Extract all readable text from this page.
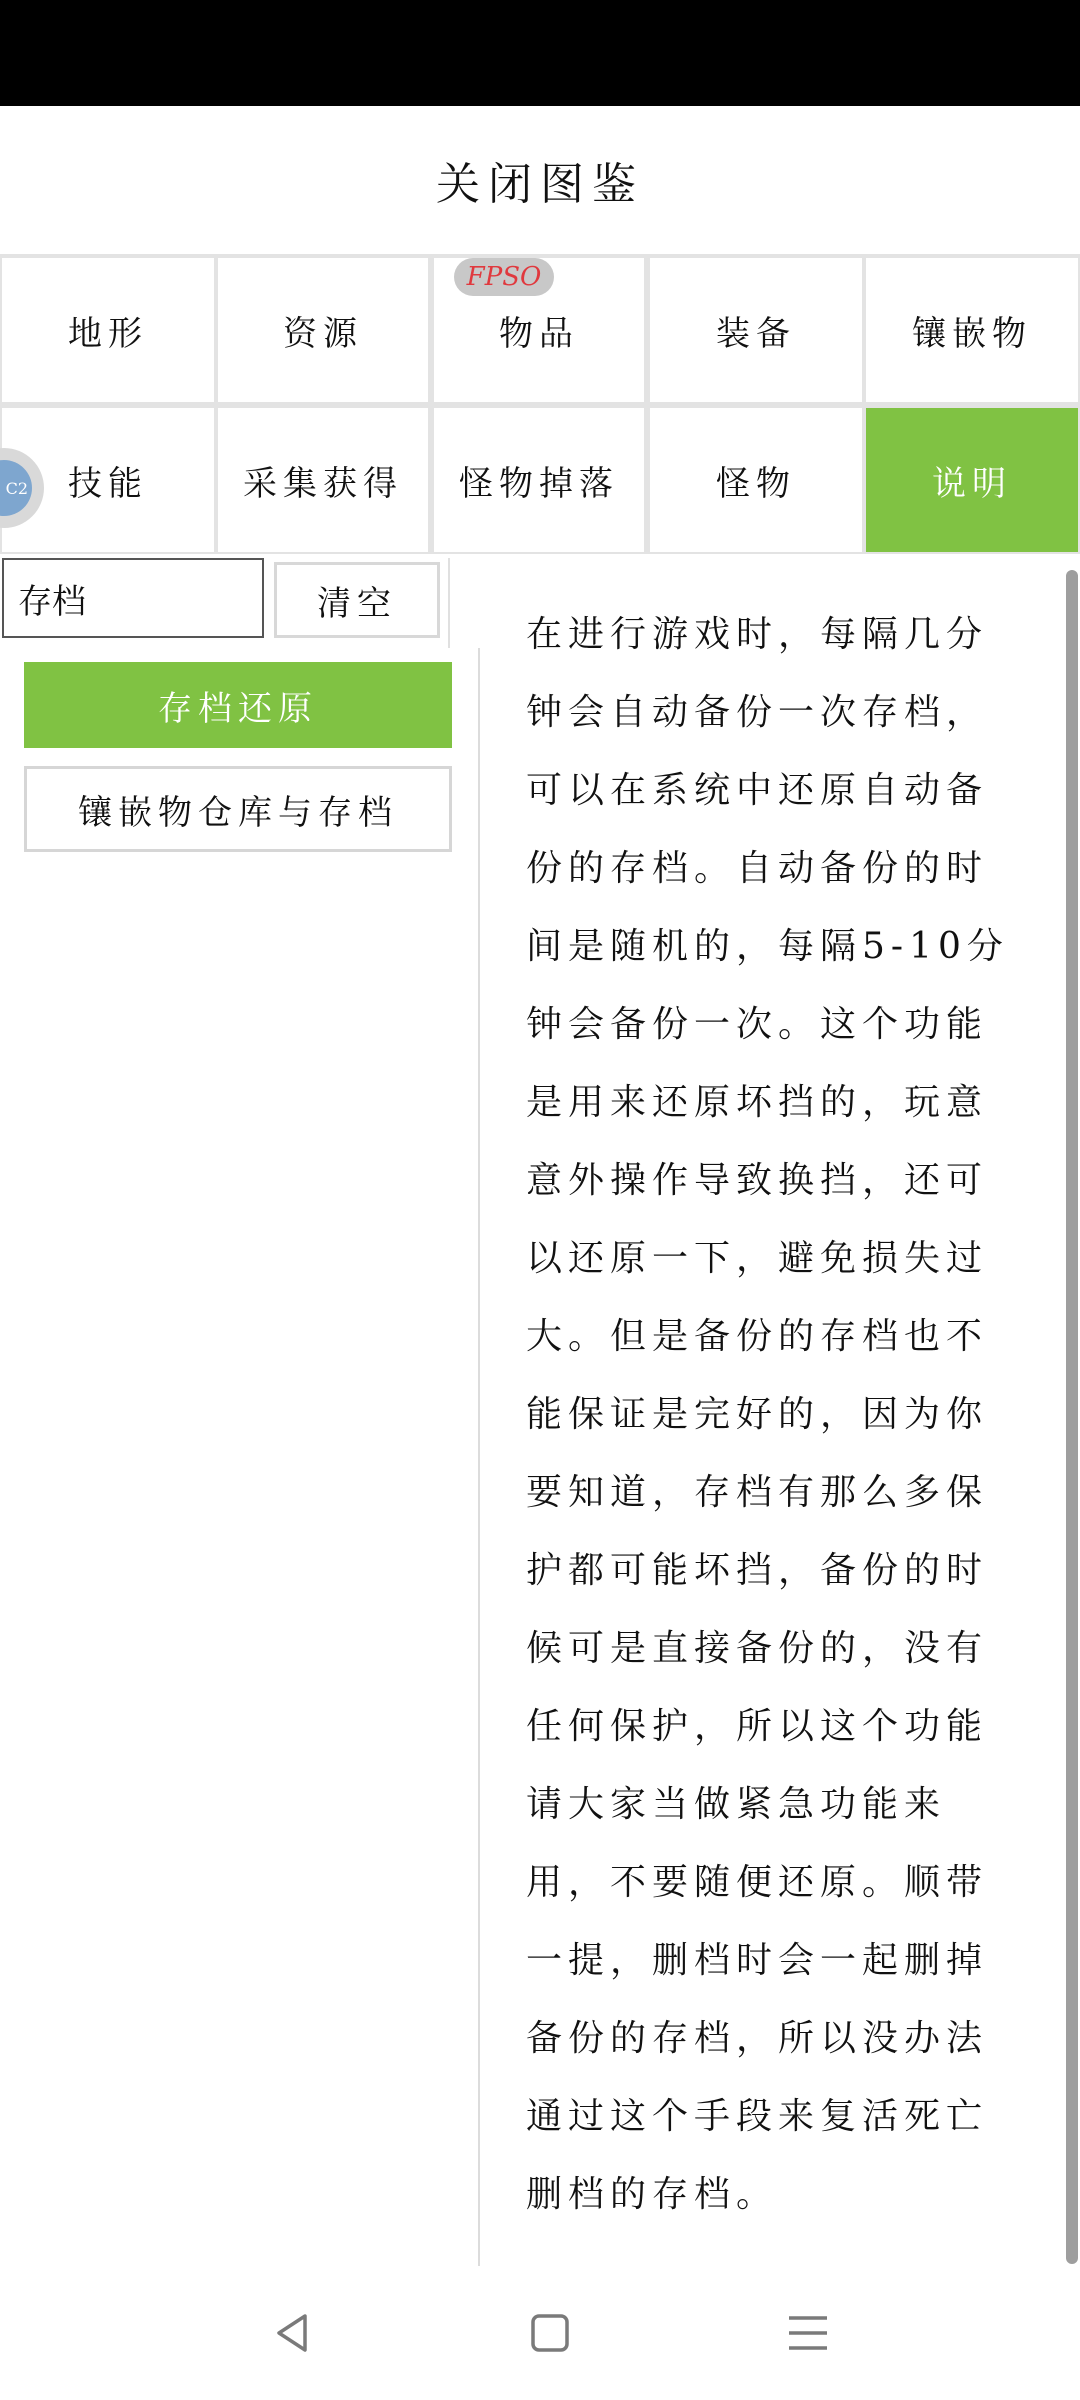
关闭图鉴
地形	资源	物品	装备	镶嵌物
技能	采集获得	怪物掉落	怪物	说明
FPSO
C2
存档
清空
存档还原
镶嵌物仓库与存档
在进行游戏时，每隔几分钟会自动备份一次存档，可以在系统中还原自动备份的存档。自动备份的时间是随机的，每隔5-10分钟会备份一次。这个功能是用来还原坏挡的，玩意意外操作导致换挡，还可以还原一下，避免损失过大。但是备份的存档也不能保证是完好的，因为你要知道，存档有那么多保护都可能坏挡，备份的时候可是直接备份的，没有任何保护，所以这个功能请大家当做紧急功能来用，不要随便还原。顺带一提，删档时会一起删掉备份的存档，所以没办法通过这个手段来复活死亡删档的存档。
